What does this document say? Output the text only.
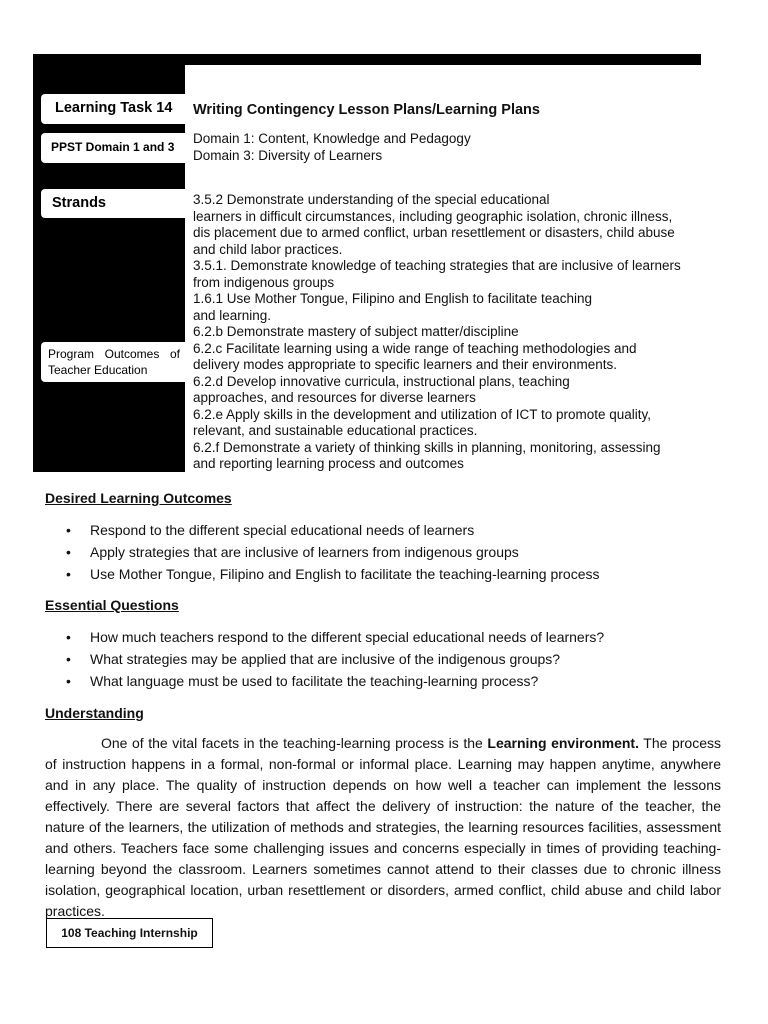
Learning Task 14
PPST Domain 1 and 3
Strands
Program Outcomes of Teacher Education
Writing Contingency Lesson Plans/Learning Plans
Domain 1: Content, Knowledge and Pedagogy
Domain 3: Diversity of Learners
3.5.2 Demonstrate understanding of the special educational
learners in difficult circumstances, including geographic isolation, chronic illness,
dis placement due to armed conflict, urban resettlement or disasters, child abuse
and child labor practices.
3.5.1. Demonstrate knowledge of teaching strategies that are inclusive of learners
from indigenous groups
1.6.1 Use Mother Tongue, Filipino and English to facilitate teaching
and learning.
6.2.b Demonstrate mastery of subject matter/discipline
6.2.c Facilitate learning using a wide range of teaching methodologies and
delivery modes appropriate to specific learners and their environments.
6.2.d Develop innovative curricula, instructional plans, teaching
approaches, and resources for diverse learners
6.2.e Apply skills in the development and utilization of ICT to promote quality,
relevant, and sustainable educational practices.
6.2.f Demonstrate a variety of thinking skills in planning, monitoring, assessing
and reporting learning process and outcomes
Desired Learning Outcomes
• Respond to the different special educational needs of learners
• Apply strategies that are inclusive of learners from indigenous groups
• Use Mother Tongue, Filipino and English to facilitate the teaching-learning process
Essential Questions
• How much teachers respond to the different special educational needs of learners?
• What strategies may be applied that are inclusive of the indigenous groups?
• What language must be used to facilitate the teaching-learning process?
Understanding

One of the vital facets in the teaching-learning process is the Learning environment. The process of instruction happens in a formal, non-formal or informal place. Learning may happen anytime, anywhere and in any place. The quality of instruction depends on how well a teacher can implement the lessons effectively. There are several factors that affect the delivery of instruction: the nature of the teacher, the nature of the learners, the utilization of methods and strategies, the learning resources facilities, assessment and others. Teachers face some challenging issues and concerns especially in times of providing teaching-learning beyond the classroom. Learners sometimes cannot attend to their classes due to chronic illness isolation, geographical location, urban resettlement or disorders, armed conflict, child abuse and child labor practices.

108 Teaching Internship
